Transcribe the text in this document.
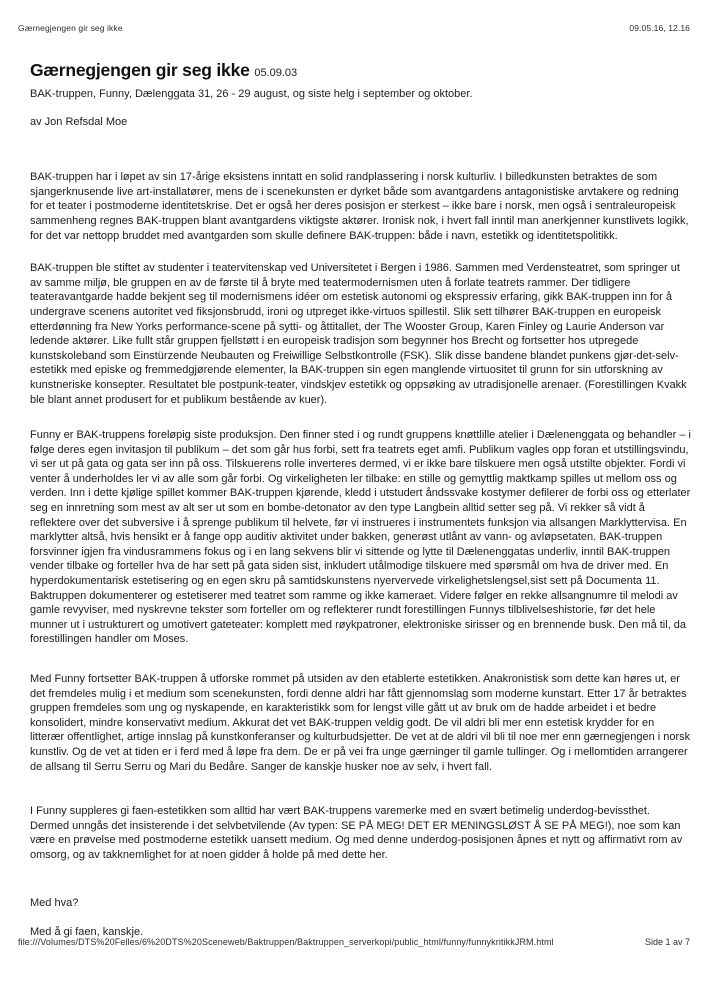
Gærnegjengen gir seg ikke	09.05.16, 12.16
Gærnegjengen gir seg ikke 05.09.03

BAK-truppen, Funny, Dælenggata 31, 26 - 29 august, og siste helg i september og oktober.

av Jon Refsdal Moe

BAK-truppen har i løpet av sin 17-årige eksistens inntatt en solid randplassering i norsk kulturliv. I billedkunsten betraktes de som sjangerknusende live art-installatører, mens de i scenekunsten er dyrket både som avantgardens antagonistiske arvtakere og redning for et teater i postmoderne identitetskrise. Det er også her deres posisjon er sterkest – ikke bare i norsk, men også i sentraleuropeisk sammenheng regnes BAK-truppen blant avantgardens viktigste aktører. Ironisk nok, i hvert fall inntil man anerkjenner kunstlivets logikk, for det var nettopp bruddet med avantgarden som skulle definere BAK-truppen: både i navn, estetikk og identitetspolitikk.

BAK-truppen ble stiftet av studenter i teatervitenskap ved Universitetet i Bergen i 1986. Sammen med Verdensteatret, som springer ut av samme miljø, ble gruppen en av de første til å bryte med teatermodernismen uten å forlate teatrets rammer. Der tidligere teateravantgarde hadde bekjent seg til modernismens idéer om estetisk autonomi og ekspressiv erfaring, gikk BAK-truppen inn for å undergrave scenens autoritet ved fiksjonsbrudd, ironi og utpreget ikke-virtuos spillestil. Slik sett tilhører BAK-truppen en europeisk etterdønning fra New Yorks performance-scene på sytti- og åttitallet, der The Wooster Group, Karen Finley og Laurie Anderson var ledende aktører. Like fullt står gruppen fjellstøtt i en europeisk tradisjon som begynner hos Brecht og fortsetter hos utpregede kunstskoleband som Einstürzende Neubauten og Freiwillige Selbstkontrolle (FSK). Slik disse bandene blandet punkens gjør-det-selv-estetikk med episke og fremmedgjørende elementer, la BAK-truppen sin egen manglende virtuositet til grunn for sin utforskning av kunstneriske konsepter. Resultatet ble postpunk-teater, vindskjev estetikk og oppsøking av utradisjonelle arenaer. (Forestillingen Kvakk ble blant annet produsert for et publikum bestående av kuer).

Funny er BAK-truppens foreløpig siste produksjon. Den finner sted i og rundt gruppens knøttlille atelier i Dælenenggata og behandler – i følge deres egen invitasjon til publikum – det som går hus forbi, sett fra teatrets eget amfi. Publikum vagles opp foran et utstillingsvindu, vi ser ut på gata og gata ser inn på oss. Tilskuerens rolle inverteres dermed, vi er ikke bare tilskuere men også utstilte objekter. Fordi vi venter å underholdes ler vi av alle som går forbi. Og virkeligheten ler tilbake: en stille og gemyttlig maktkamp spilles ut mellom oss og verden. Inn i dette kjølige spillet kommer BAK-truppen kjørende, kledd i utstudert åndssvake kostymer defilerer de forbi oss og etterlater seg en innretning som mest av alt ser ut som en bombe-detonator av den type Langbein alltid setter seg på. Vi rekker så vidt å reflektere over det subversive i å sprenge publikum til helvete, før vi instrueres i instrumentets funksjon via allsangen Marklyttervisa. En marklytter altså, hvis hensikt er å fange opp auditiv aktivitet under bakken, generøst utlånt av vann- og avløpsetaten. BAK-truppen forsvinner igjen fra vindusrammens fokus og i en lang sekvens blir vi sittende og lytte til Dælenenggatas underliv, inntil BAK-truppen vender tilbake og forteller hva de har sett på gata siden sist, inkludert utålmodige tilskuere med spørsmål om hva de driver med. En hyperdokumentarisk estetisering og en egen skru på samtidskunstens nyervervede virkelighetslengsel,sist sett på Documenta 11. Baktruppen dokumenterer og estetiserer med teatret som ramme og ikke kameraet. Videre følger en rekke allsangnumre til melodi av gamle revyviser, med nyskrevne tekster som forteller om og reflekterer rundt forestillingen Funnys tilblivelseshistorie, før det hele munner ut i ustrukturert og umotivert gateteater: komplett med røykpatroner, elektroniske sirisser og en brennende busk. Den må til, da forestillingen handler om Moses.

Med Funny fortsetter BAK-truppen å utforske rommet på utsiden av den etablerte estetikken. Anakronistisk som dette kan høres ut, er det fremdeles mulig i et medium som scenekunsten, fordi denne aldri har fått gjennomslag som moderne kunstart. Etter 17 år betraktes gruppen fremdeles som ung og nyskapende, en karakteristikk som for lengst ville gått ut av bruk om de hadde arbeidet i et bedre konsolidert, mindre konservativt medium. Akkurat det vet BAK-truppen veldig godt. De vil aldri bli mer enn estetisk krydder for en litterær offentlighet, artige innslag på kunstkonferanser og kulturbudsjetter. De vet at de aldri vil bli til noe mer enn gærnegjengen i norsk kunstliv. Og de vet at tiden er i ferd med å løpe fra dem. De er på vei fra unge gærninger til gamle tullinger. Og i mellomtiden arrangerer de allsang til Serru Serru og Mari du Bedåre. Sanger de kanskje husker noe av selv, i hvert fall.

I Funny suppleres gi faen-estetikken som alltid har vært BAK-truppens varemerke med en svært betimelig underdog-bevissthet. Dermed unngås det insisterende i det selvbetvilende (Av typen: SE PÅ MEG! DET ER MENINGSLØST Å SE PÅ MEG!), noe som kan være en prøvelse med postmoderne estetikk uansett medium. Og med denne underdog-posisjonen åpnes et nytt og affirmativt rom av omsorg, og av takknemlighet for at noen gidder å holde på med dette her.

Med hva?

Med å gi faen, kanskje.

file:///Volumes/DTS%20Felles/6%20DTS%20Sceneweb/Baktruppen/Baktruppen_serverkopi/public_html/funny/funnykritikkJRM.html	Side 1 av 7
